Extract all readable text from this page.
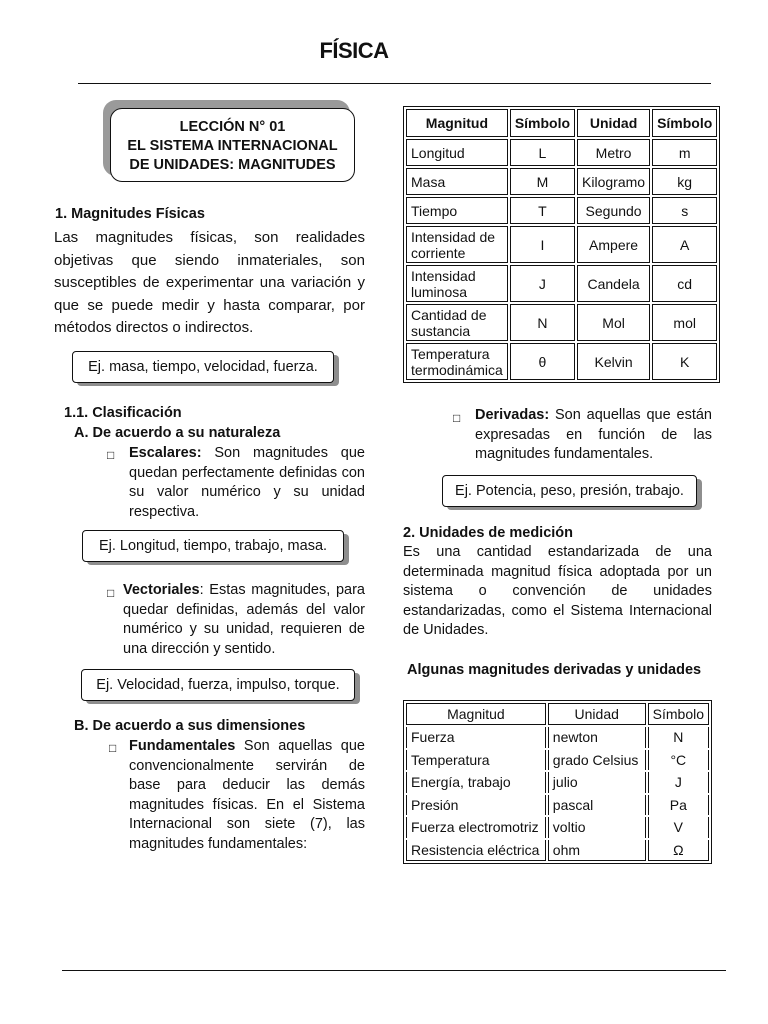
FÍSICA
LECCIÓN N° 01
EL SISTEMA INTERNACIONAL
DE UNIDADES: MAGNITUDES
1. Magnitudes Físicas
Las magnitudes físicas, son realidades objetivas que siendo inmateriales, son susceptibles de experimentar una variación y que se puede medir y hasta comparar, por métodos directos o indirectos.
Ej. masa, tiempo, velocidad, fuerza.
1.1. Clasificación
A. De acuerdo a su naturaleza
□ Escalares: Son magnitudes que quedan perfectamente definidas con su valor numérico y su unidad respectiva.
Ej. Longitud, tiempo, trabajo, masa.
□ Vectoriales: Estas magnitudes, para quedar definidas, además del valor numérico y su unidad, requieren de una dirección y sentido.
Ej. Velocidad, fuerza, impulso, torque.
B. De acuerdo a sus dimensiones
□ Fundamentales Son aquellas que convencionalmente servirán de base para deducir las demás magnitudes físicas. En el Sistema Internacional son siete (7), las magnitudes fundamentales:
Magnitud	Símbolo	Unidad	Símbolo
Longitud	L	Metro	m
Masa	M	Kilogramo	kg
Tiempo	T	Segundo	s
Intensidad de corriente	I	Ampere	A
Intensidad luminosa	J	Candela	cd
Cantidad de sustancia	N	Mol	mol
Temperatura termodinámica	θ	Kelvin	K
□ Derivadas: Son aquellas que están expresadas en función de las magnitudes fundamentales.
Ej. Potencia, peso, presión, trabajo.
2. Unidades de medición
Es una cantidad estandarizada de una determinada magnitud física adoptada por un sistema o convención de unidades estandarizadas, como el Sistema Internacional de Unidades.
Algunas magnitudes derivadas y unidades
Magnitud	Unidad	Símbolo
Fuerza	newton	N
Temperatura	grado Celsius	°C
Energía, trabajo	julio	J
Presión	pascal	Pa
Fuerza electromotriz	voltio	V
Resistencia eléctrica	ohm	Ω
